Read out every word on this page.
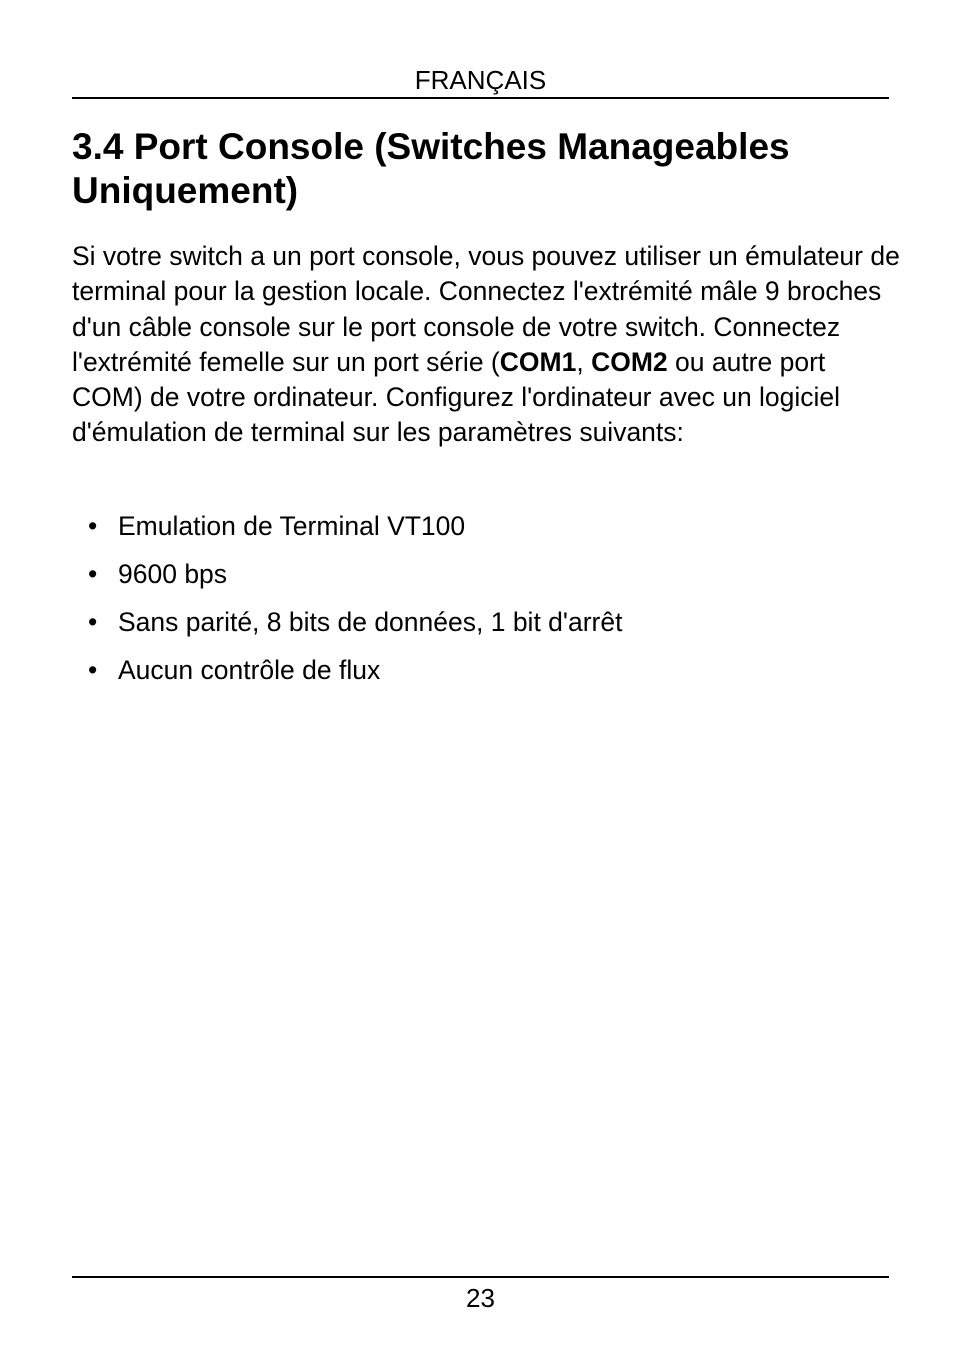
FRANÇAIS
3.4 Port Console (Switches Manageables Uniquement)

Si votre switch a un port console, vous pouvez utiliser un émulateur de terminal pour la gestion locale. Connectez l'extrémité mâle 9 broches d'un câble console sur le port console de votre switch. Connectez l'extrémité femelle sur un port série (COM1, COM2 ou autre port COM) de votre ordinateur. Configurez l'ordinateur avec un logiciel d'émulation de terminal sur les paramètres suivants:

• Emulation de Terminal VT100
• 9600 bps
• Sans parité, 8 bits de données, 1 bit d'arrêt
• Aucun contrôle de flux
23
